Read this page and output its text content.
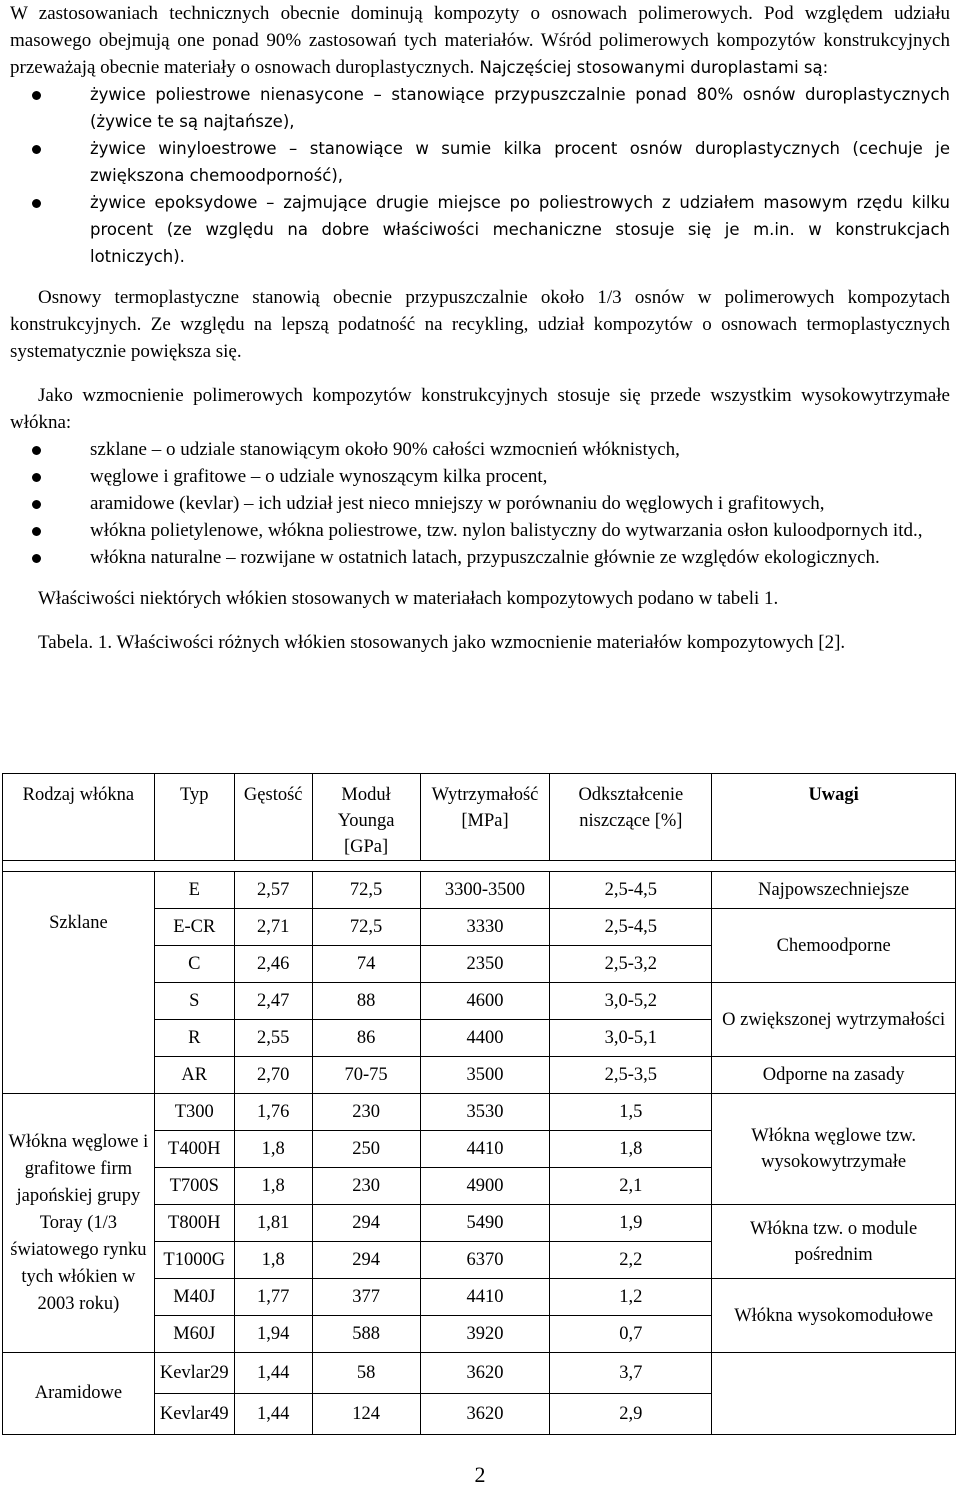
W zastosowaniach technicznych obecnie dominują kompozyty o osnowach polimerowych. Pod względem udziału masowego obejmują one ponad 90% zastosowań tych materiałów. Wśród polimerowych kompozytów konstrukcyjnych przeważają obecnie materiały o osnowach duroplastycznych. Najczęściej stosowanymi duroplastami są:

żywice poliestrowe nienasycone – stanowiące przypuszczalnie ponad 80% osnów duroplastycznych (żywice te są najtańsze),
żywice winyloestrowe – stanowiące w sumie kilka procent osnów duroplastycznych (cechuje je zwiększona chemoodporność),
żywice epoksydowe – zajmujące drugie miejsce po poliestrowych z udziałem masowym rzędu kilku procent (ze względu na dobre właściwości mechaniczne stosuje się je m.in. w konstrukcjach lotniczych).

Osnowy termoplastyczne stanowią obecnie przypuszczalnie około 1/3 osnów w polimerowych kompozytach konstrukcyjnych. Ze względu na lepszą podatność na recykling, udział kompozytów o osnowach termoplastycznych systematycznie powiększa się.

Jako wzmocnienie polimerowych kompozytów konstrukcyjnych stosuje się przede wszystkim wysokowytrzymałe włókna:

szklane – o udziale stanowiącym około 90% całości wzmocnień włóknistych,
węglowe i grafitowe – o udziale wynoszącym kilka procent,
aramidowe (kevlar) – ich udział jest nieco mniejszy w porównaniu do węglowych i grafitowych,
włókna polietylenowe, włókna poliestrowe, tzw. nylon balistyczny do wytwarzania osłon kuloodpornych itd.,
włókna naturalne – rozwijane w ostatnich latach, przypuszczalnie głównie ze względów ekologicznych.

Właściwości niektórych włókien stosowanych w materiałach kompozytowych podano w tabeli 1.

Tabela. 1. Właściwości różnych włókien stosowanych jako wzmocnienie materiałów kompozytowych [2].

Rodzaj włókna	Typ	Gęstość	Moduł Younga [GPa]	Wytrzymałość [MPa]	Odkształcenie niszczące [%]	Uwagi

Szklane	E	2,57	72,5	3300-3500	2,5-4,5	Najpowszechniejsze
	E-CR	2,71	72,5	3330	2,5-4,5	Chemoodporne
	C	2,46	74	2350	2,5-3,2	
	S	2,47	88	4600	3,0-5,2	O zwiększonej wytrzymałości
	R	2,55	86	4400	3,0-5,1	
	AR	2,70	70-75	3500	2,5-3,5	Odporne na zasady
Włókna węglowe i grafitowe firm japońskiej grupy Toray (1/3 światowego rynku tych włókien w 2003 roku)	T300	1,76	230	3530	1,5	Włókna węglowe tzw. wysokowytrzymałe
	T400H	1,8	250	4410	1,8	
	T700S	1,8	230	4900	2,1	
	T800H	1,81	294	5490	1,9	Włókna tzw. o module pośrednim
	T1000G	1,8	294	6370	2,2	
	M40J	1,77	377	4410	1,2	Włókna wysokomodułowe
	M60J	1,94	588	3920	0,7	
Aramidowe	Kevlar29	1,44	58	3620	3,7	
	Kevlar49	1,44	124	3620	2,9	
2
